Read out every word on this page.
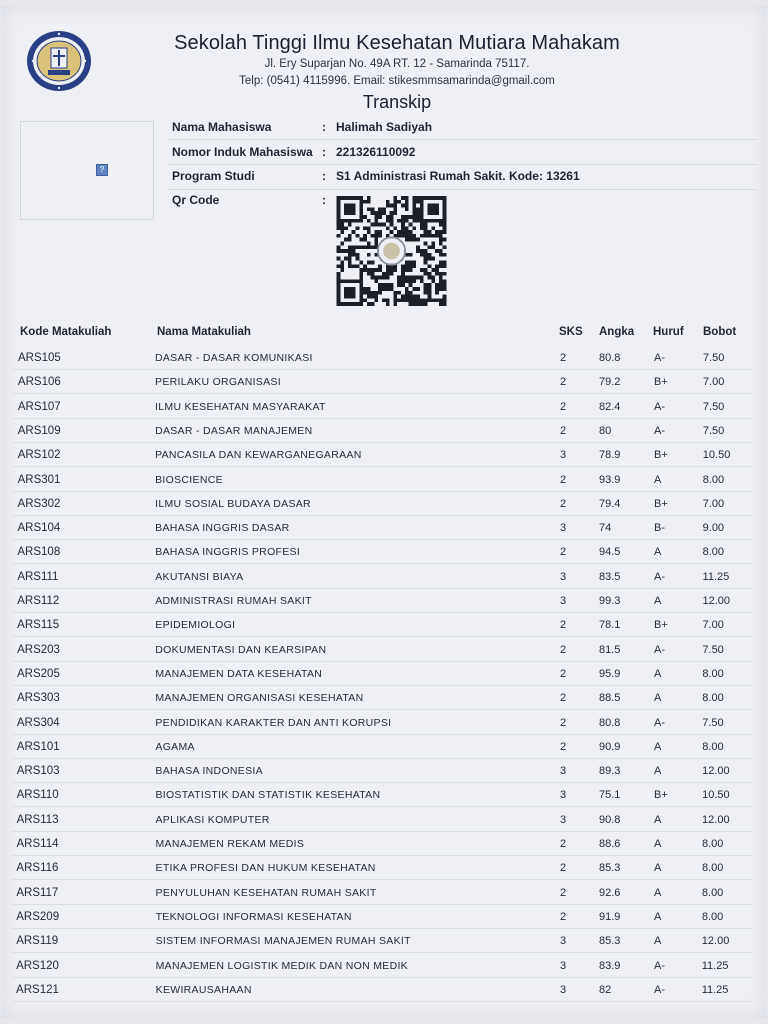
Sekolah Tinggi Ilmu Kesehatan Mutiara Mahakam
Jl. Ery Suparjan No. 49A RT. 12 - Samarinda 75117.
Telp: (0541) 4115996. Email: stikesmmsamarinda@gmail.com
Transkip
?
Nama Mahasiswa	: Halimah Sadiyah
Nomor Induk Mahasiswa : 221326110092
Program Studi	: S1 Administrasi Rumah Sakit. Kode: 13261
Qr Code	:
Kode Matakuliah	Nama Matakuliah	SKS Angka Huruf Bobot
ARS105	DASAR - DASAR KOMUNIKASI	2	80.8	A-	7.50
ARS106	PERILAKU ORGANISASI	2	79.2	B+	7.00
ARS107	ILMU KESEHATAN MASYARAKAT	2	82.4	A-	7.50
ARS109	DASAR - DASAR MANAJEMEN	2	80	A-	7.50
ARS102	PANCASILA DAN KEWARGANEGARAAN	3	78.9	B+	10.50
ARS301	BIOSCIENCE	2	93.9	A	8.00
ARS302	ILMU SOSIAL BUDAYA DASAR	2	79.4	B+	7.00
ARS104	BAHASA INGGRIS DASAR	3	74	B-	9.00
ARS108	BAHASA INGGRIS PROFESI	2	94.5	A	8.00
ARS111	AKUTANSI BIAYA	3	83.5	A-	11.25
ARS112	ADMINISTRASI RUMAH SAKIT	3	99.3	A	12.00
ARS115	EPIDEMIOLOGI	2	78.1	B+	7.00
ARS203	DOKUMENTASI DAN KEARSIPAN	2	81.5	A-	7.50
ARS205	MANAJEMEN DATA KESEHATAN	2	95.9	A	8.00
ARS303	MANAJEMEN ORGANISASI KESEHATAN	2	88.5	A	8.00
ARS304	PENDIDIKAN KARAKTER DAN ANTI KORUPSI	2	80.8	A-	7.50
ARS101	AGAMA	2	90.9	A	8.00
ARS103	BAHASA INDONESIA	3	89.3	A	12.00
ARS110	BIOSTATISTIK DAN STATISTIK KESEHATAN	3	75.1	B+	10.50
ARS113	APLIKASI KOMPUTER	3	90.8	A	12.00
ARS114	MANAJEMEN REKAM MEDIS	2	88.6	A	8.00
ARS116	ETIKA PROFESI DAN HUKUM KESEHATAN	2	85.3	A	8.00
ARS117	PENYULUHAN KESEHATAN RUMAH SAKIT	2	92.6	A	8.00
ARS209	TEKNOLOGI INFORMASI KESEHATAN	2	91.9	A	8.00
ARS119	SISTEM INFORMASI MANAJEMEN RUMAH SAKIT	3	85.3	A	12.00
ARS120	MANAJEMEN LOGISTIK MEDIK DAN NON MEDIK	3	83.9	A-	11.25
ARS121	KEWIRAUSAHAAN	3	82	A-	11.25
